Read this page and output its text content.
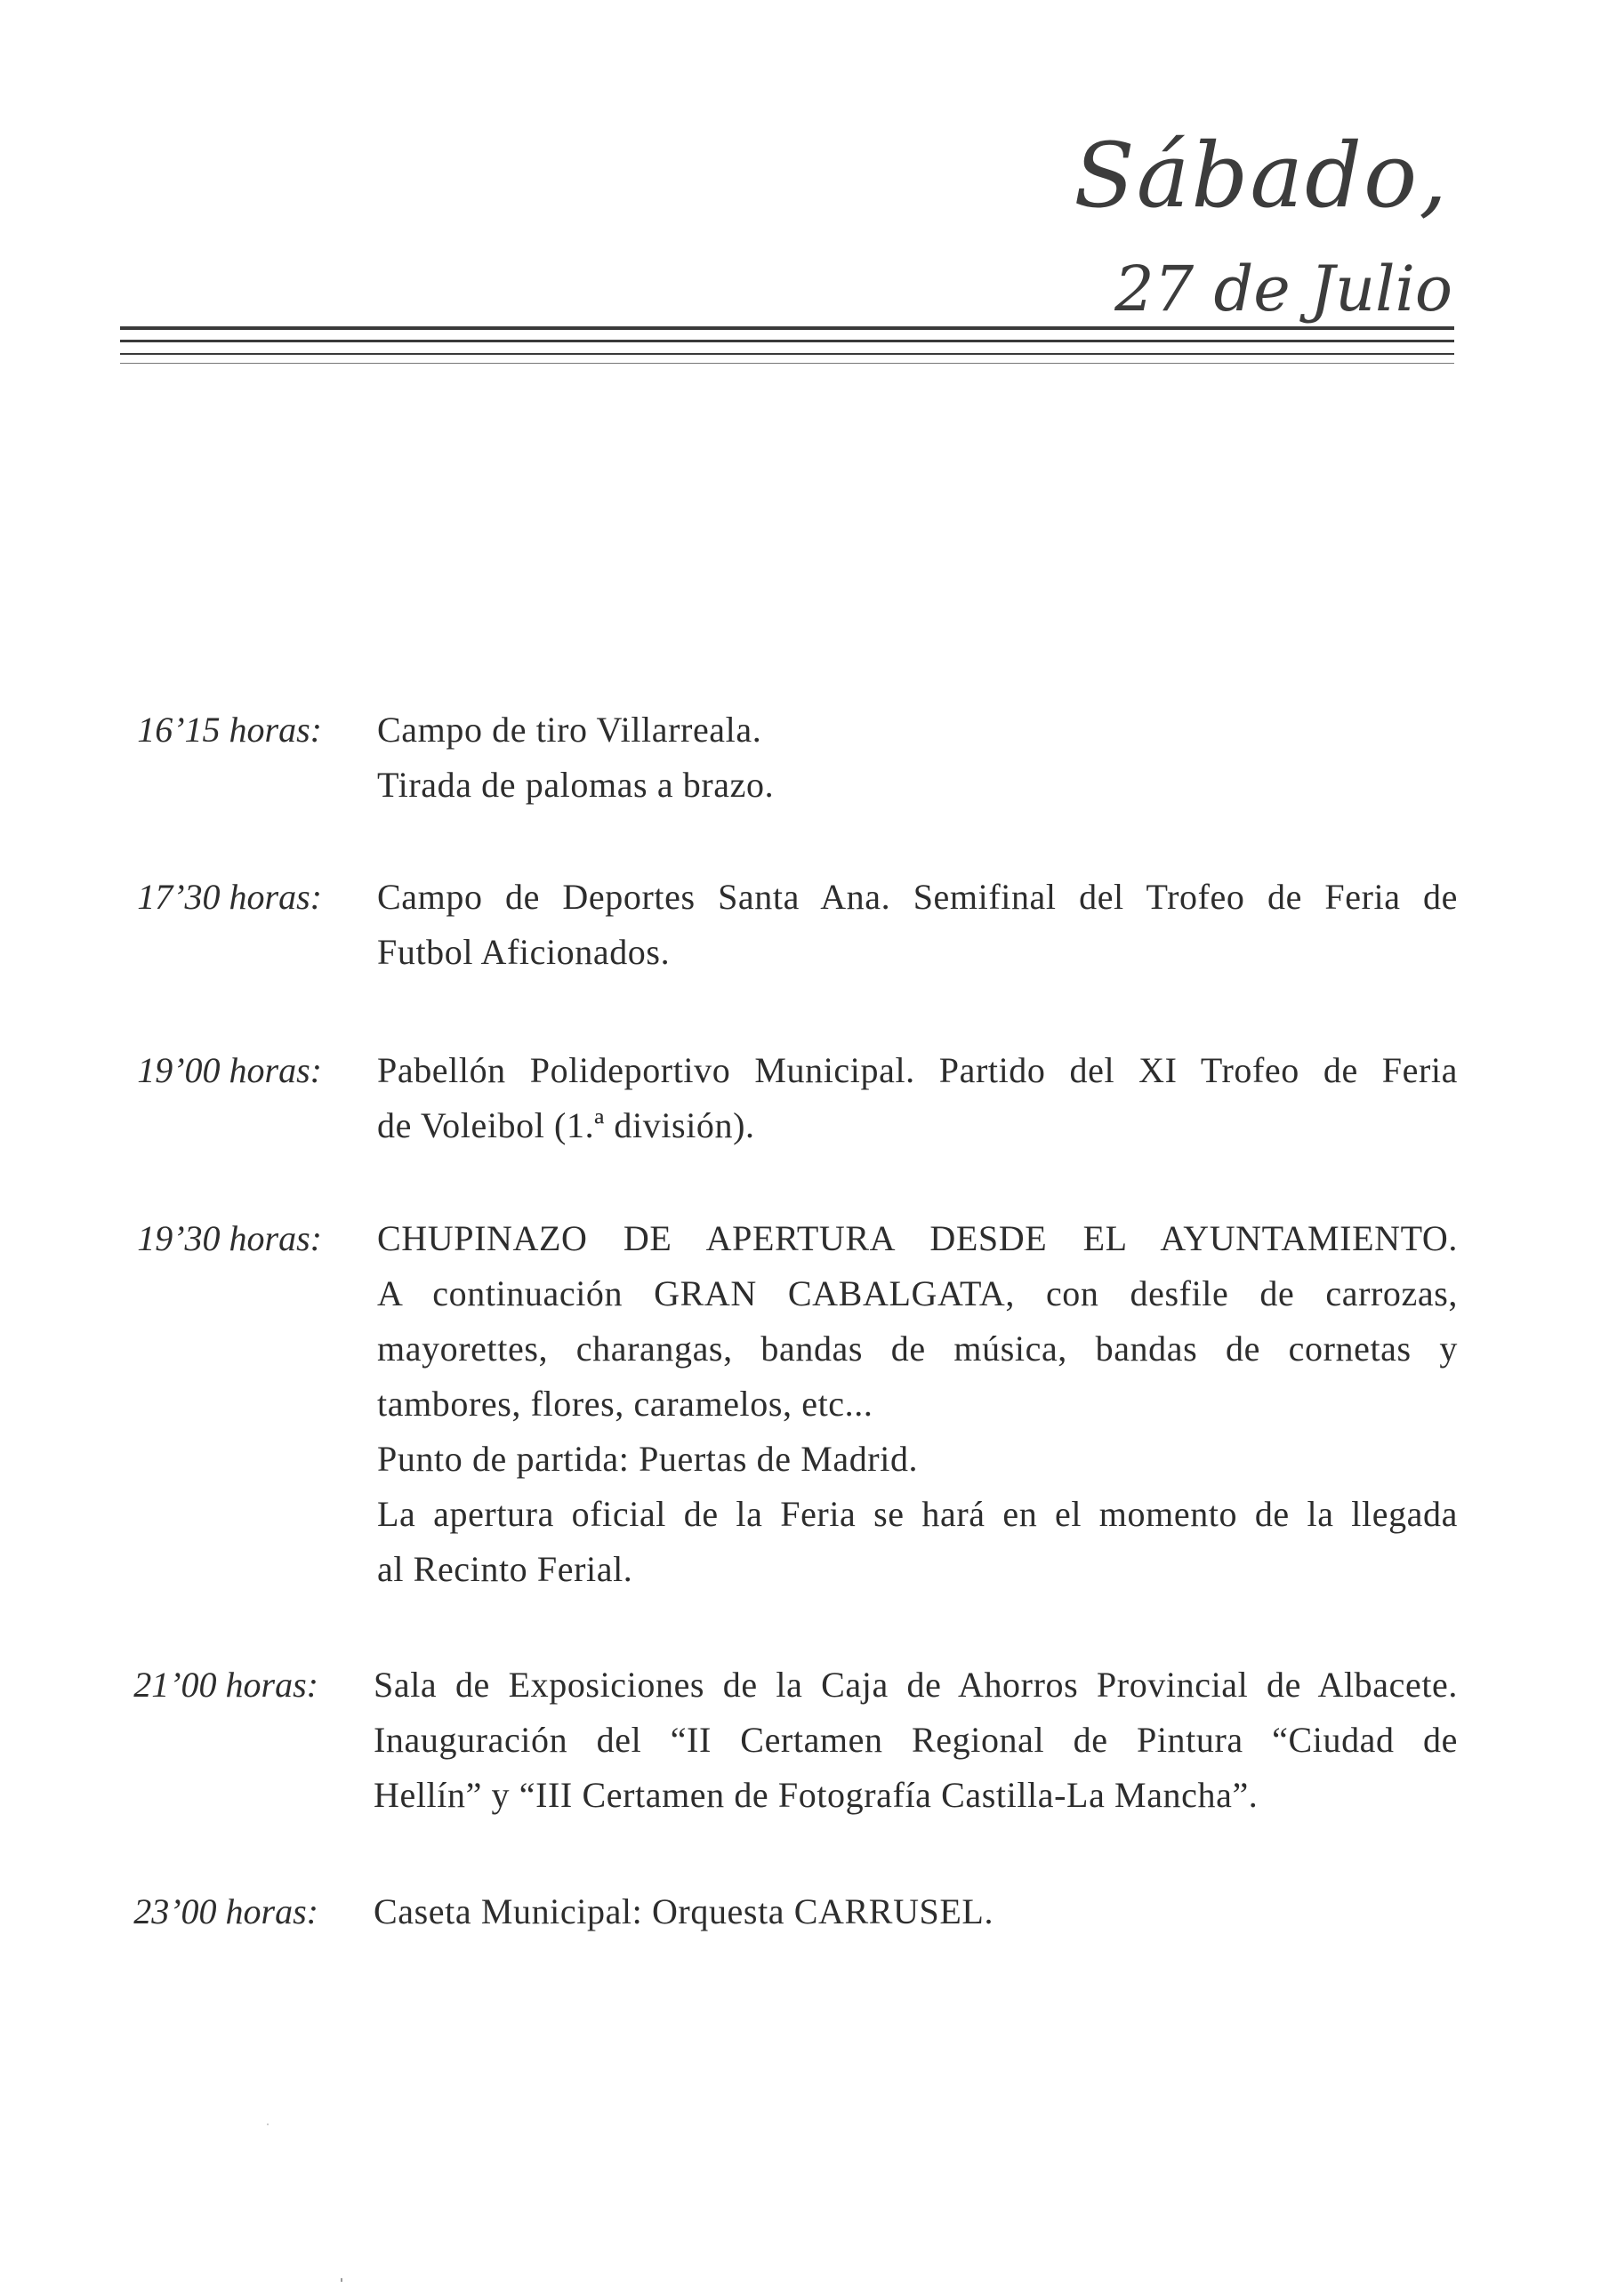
Sábado,
27 de Julio
16’15 horas: Campo de tiro Villarreala.
Tirada de palomas a brazo.
17’30 horas: Campo de Deportes Santa Ana. Semifinal del Trofeo de Feria de
Futbol Aficionados.
19’00 horas: Pabellón Polideportivo Municipal. Partido del XI Trofeo de Feria
de Voleibol (1.ª división).
19’30 horas: CHUPINAZO DE APERTURA DESDE EL AYUNTAMIENTO.
A continuación GRAN CABALGATA, con desfile de carrozas,
mayorettes, charangas, bandas de música, bandas de cornetas y
tambores, flores, caramelos, etc...
Punto de partida: Puertas de Madrid.
La apertura oficial de la Feria se hará en el momento de la llegada
al Recinto Ferial.
21’00 horas: Sala de Exposiciones de la Caja de Ahorros Provincial de Albacete.
Inauguración del “II Certamen Regional de Pintura “Ciudad de
Hellín” y “III Certamen de Fotografía Castilla-La Mancha”.
23’00 horas: Caseta Municipal: Orquesta CARRUSEL.
